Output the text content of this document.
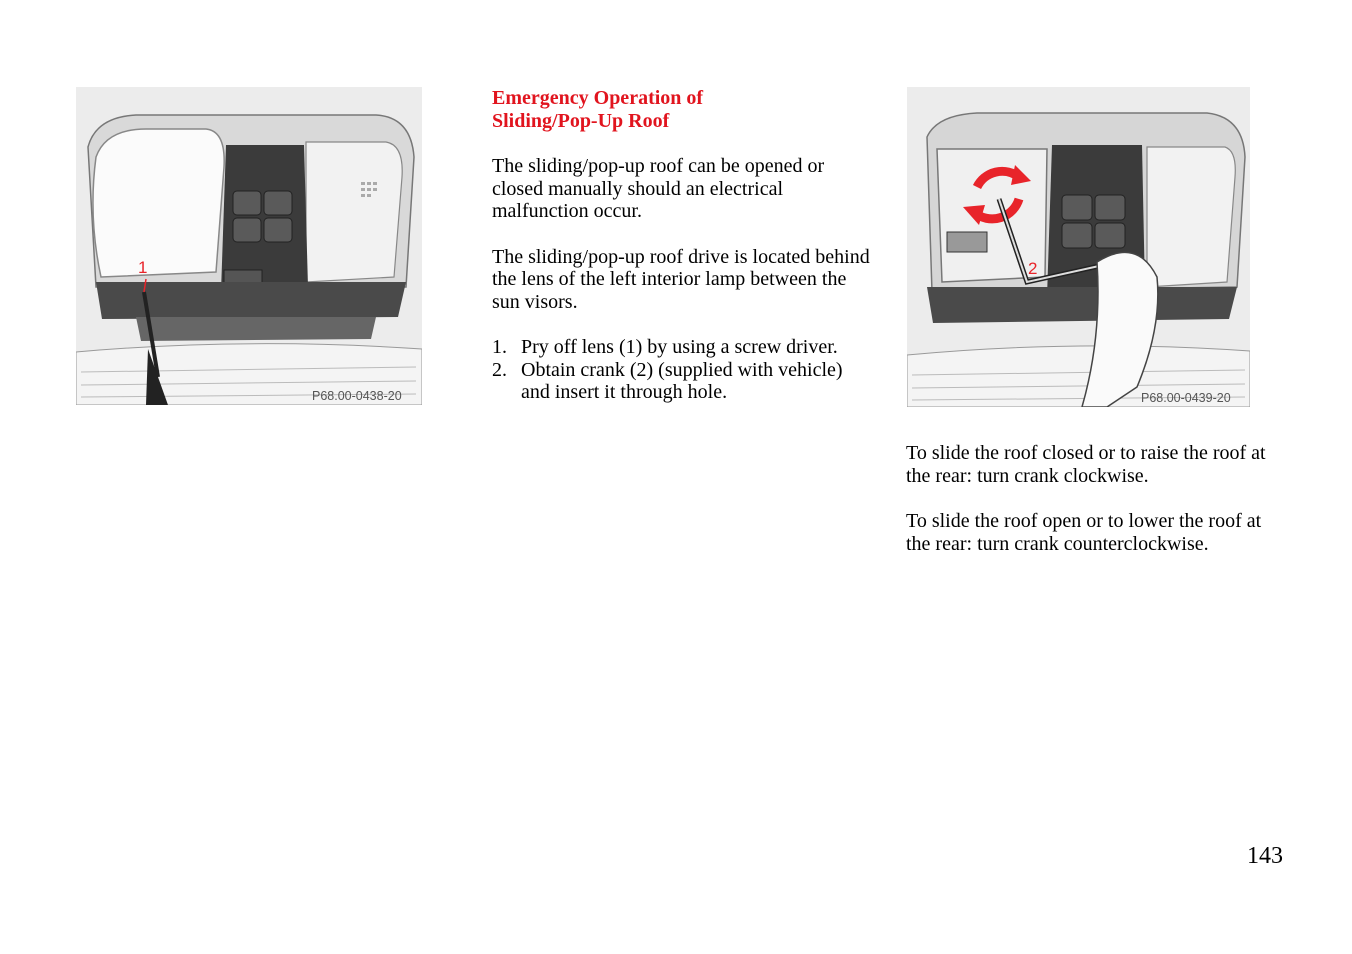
1
P68.00-0438-20
Emergency Operation of
Sliding/Pop-Up Roof

The sliding/pop-up roof can be opened or closed manually should an electrical malfunction occur.

The sliding/pop-up roof drive is located behind the lens of the left interior lamp between the sun visors.

1. Pry off lens (1) by using a screw driver.
2. Obtain crank (2) (supplied with vehicle) and insert it through hole.
2
P68.00-0439-20

To slide the roof closed or to raise the roof at the rear: turn crank clockwise.

To slide the roof open or to lower the roof at the rear: turn crank counterclockwise.

143
